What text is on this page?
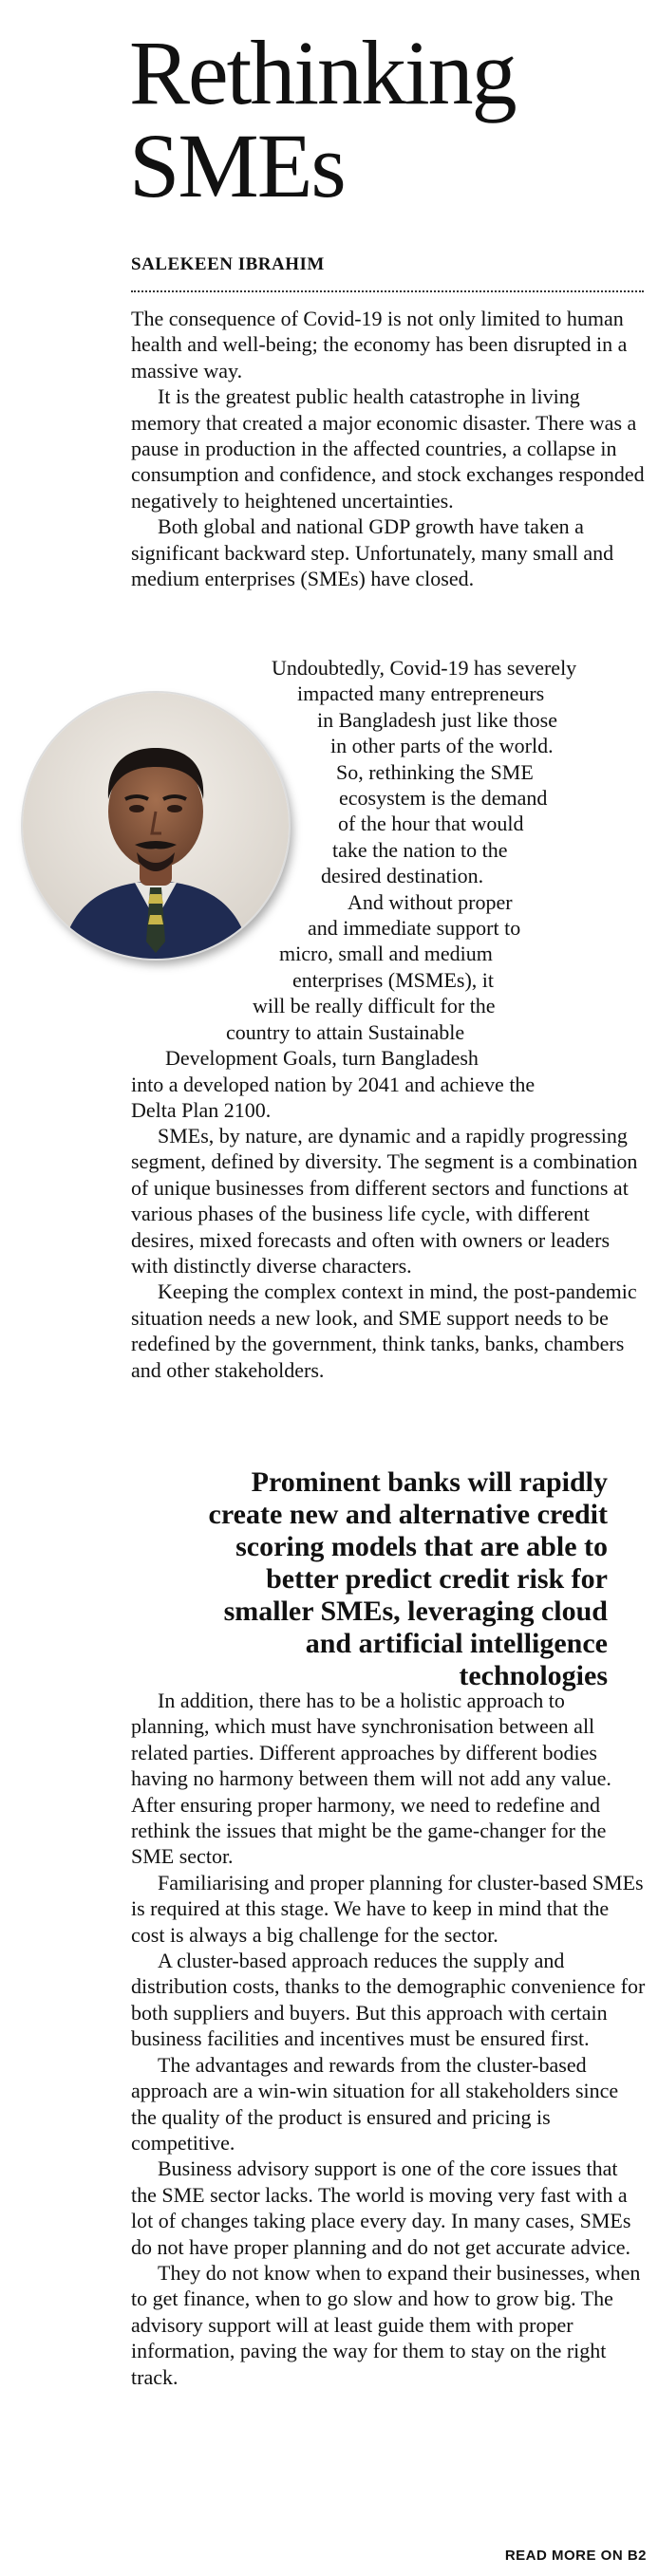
Rethinking
SMEs
SALEKEEN IBRAHIM

The consequence of Covid-19 is not only limited to human health and well-being; the economy has been disrupted in a massive way.

It is the greatest public health catastrophe in living memory that created a major economic disaster. There was a pause in production in the affected countries, a collapse in consumption and confidence, and stock exchanges responded negatively to heightened uncertainties.

Both global and national GDP growth have taken a significant backward step. Unfortunately, many small and medium enterprises (SMEs) have closed.

Undoubtedly, Covid-19 has severely
impacted many entrepreneurs
in Bangladesh just like those
in other parts of the world.
So, rethinking the SME
ecosystem is the demand
of the hour that would
take the nation to the
desired destination.
And without proper
and immediate support to
micro, small and medium
enterprises (MSMEs), it
will be really difficult for the
country to attain Sustainable
Development Goals, turn Bangladesh
into a developed nation by 2041 and achieve the
Delta Plan 2100.

SMEs, by nature, are dynamic and a rapidly progressing segment, defined by diversity. The segment is a combination of unique businesses from different sectors and functions at various phases of the business life cycle, with different desires, mixed forecasts and often with owners or leaders with distinctly diverse characters.

Keeping the complex context in mind, the post-pandemic situation needs a new look, and SME support needs to be redefined by the government, think tanks, banks, chambers and other stakeholders.

Prominent banks will rapidly create new and alternative credit scoring models that are able to better predict credit risk for smaller SMEs, leveraging cloud and artificial intelligence technologies

In addition, there has to be a holistic approach to planning, which must have synchronisation between all related parties. Different approaches by different bodies having no harmony between them will not add any value. After ensuring proper harmony, we need to redefine and rethink the issues that might be the game-changer for the SME sector.

Familiarising and proper planning for cluster-based SMEs is required at this stage. We have to keep in mind that the cost is always a big challenge for the sector.

A cluster-based approach reduces the supply and distribution costs, thanks to the demographic convenience for both suppliers and buyers. But this approach with certain business facilities and incentives must be ensured first.

The advantages and rewards from the cluster-based approach are a win-win situation for all stakeholders since the quality of the product is ensured and pricing is competitive.

Business advisory support is one of the core issues that the SME sector lacks. The world is moving very fast with a lot of changes taking place every day. In many cases, SMEs do not have proper planning and do not get accurate advice.

They do not know when to expand their businesses, when to get finance, when to go slow and how to grow big. The advisory support will at least guide them with proper information, paving the way for them to stay on the right track.

READ MORE ON B2
